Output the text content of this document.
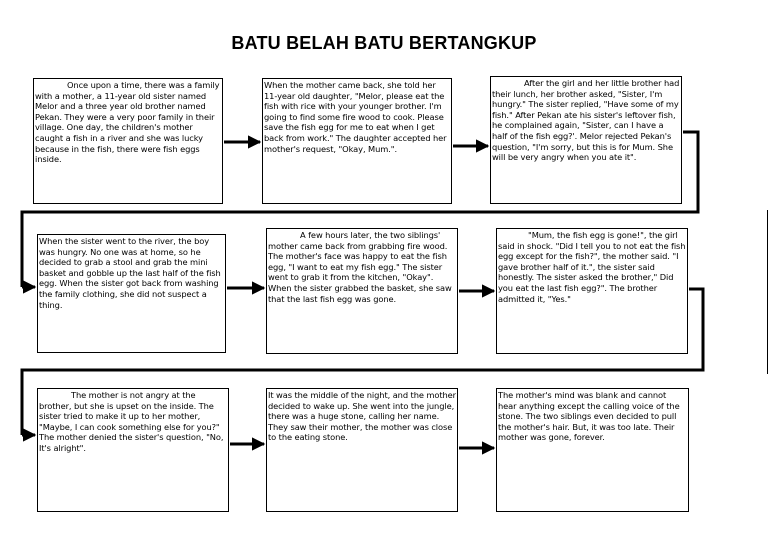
BATU BELAH BATU BERTANGKUP
Once upon a time, there was a family with a mother, a 11-year old sister named Melor and a three year old brother named Pekan. They were a very poor family in their village. One day, the children's mother caught a fish in a river and she was lucky because in the fish, there were fish eggs inside.
When the mother came back, she told her 11-year old daughter, "Melor, please eat the fish with rice with your younger brother. I'm going to find some fire wood to cook. Please save the fish egg for me to eat when I get back from work." The daughter accepted her mother's request, "Okay, Mum.".
After the girl and her little brother had their lunch, her brother asked, "Sister, I'm hungry." The sister replied, "Have some of my fish." After Pekan ate his sister's leftover fish, he complained again, "Sister, can I have a half of the fish egg?'. Melor rejected Pekan's question, "I'm sorry, but this is for Mum. She will be very angry when you ate it".
When the sister went to the river, the boy was hungry. No one was at home, so he decided to grab a stool and grab the mini basket and gobble up the last half of the fish egg. When the sister got back from washing the family clothing, she did not suspect a thing.
A few hours later, the two siblings' mother came back from grabbing fire wood. The mother's face was happy to eat the fish egg, "I want to eat my fish egg." The sister went to grab it from the kitchen, "Okay". When the sister grabbed the basket, she saw that the last fish egg was gone.
"Mum, the fish egg is gone!", the girl said in shock. "Did I tell you to not eat the fish egg except for the fish?", the mother said. "I gave brother half of it.", the sister said honestly. The sister asked the brother," Did you eat the last fish egg?". The brother admitted it, "Yes."
The mother is not angry at the brother, but she is upset on the inside. The sister tried to make it up to her mother, "Maybe, I can cook something else for you?" The mother denied the sister's question, "No, It's alright".
It was the middle of the night, and the mother decided to wake up. She went into the jungle, there was a huge stone, calling her name. They saw their mother, the mother was close to the eating stone.
The mother's mind was blank and cannot hear anything except the calling voice of the stone. The two siblings even decided to pull the mother's hair. But, it was too late. Their mother was gone, forever.
